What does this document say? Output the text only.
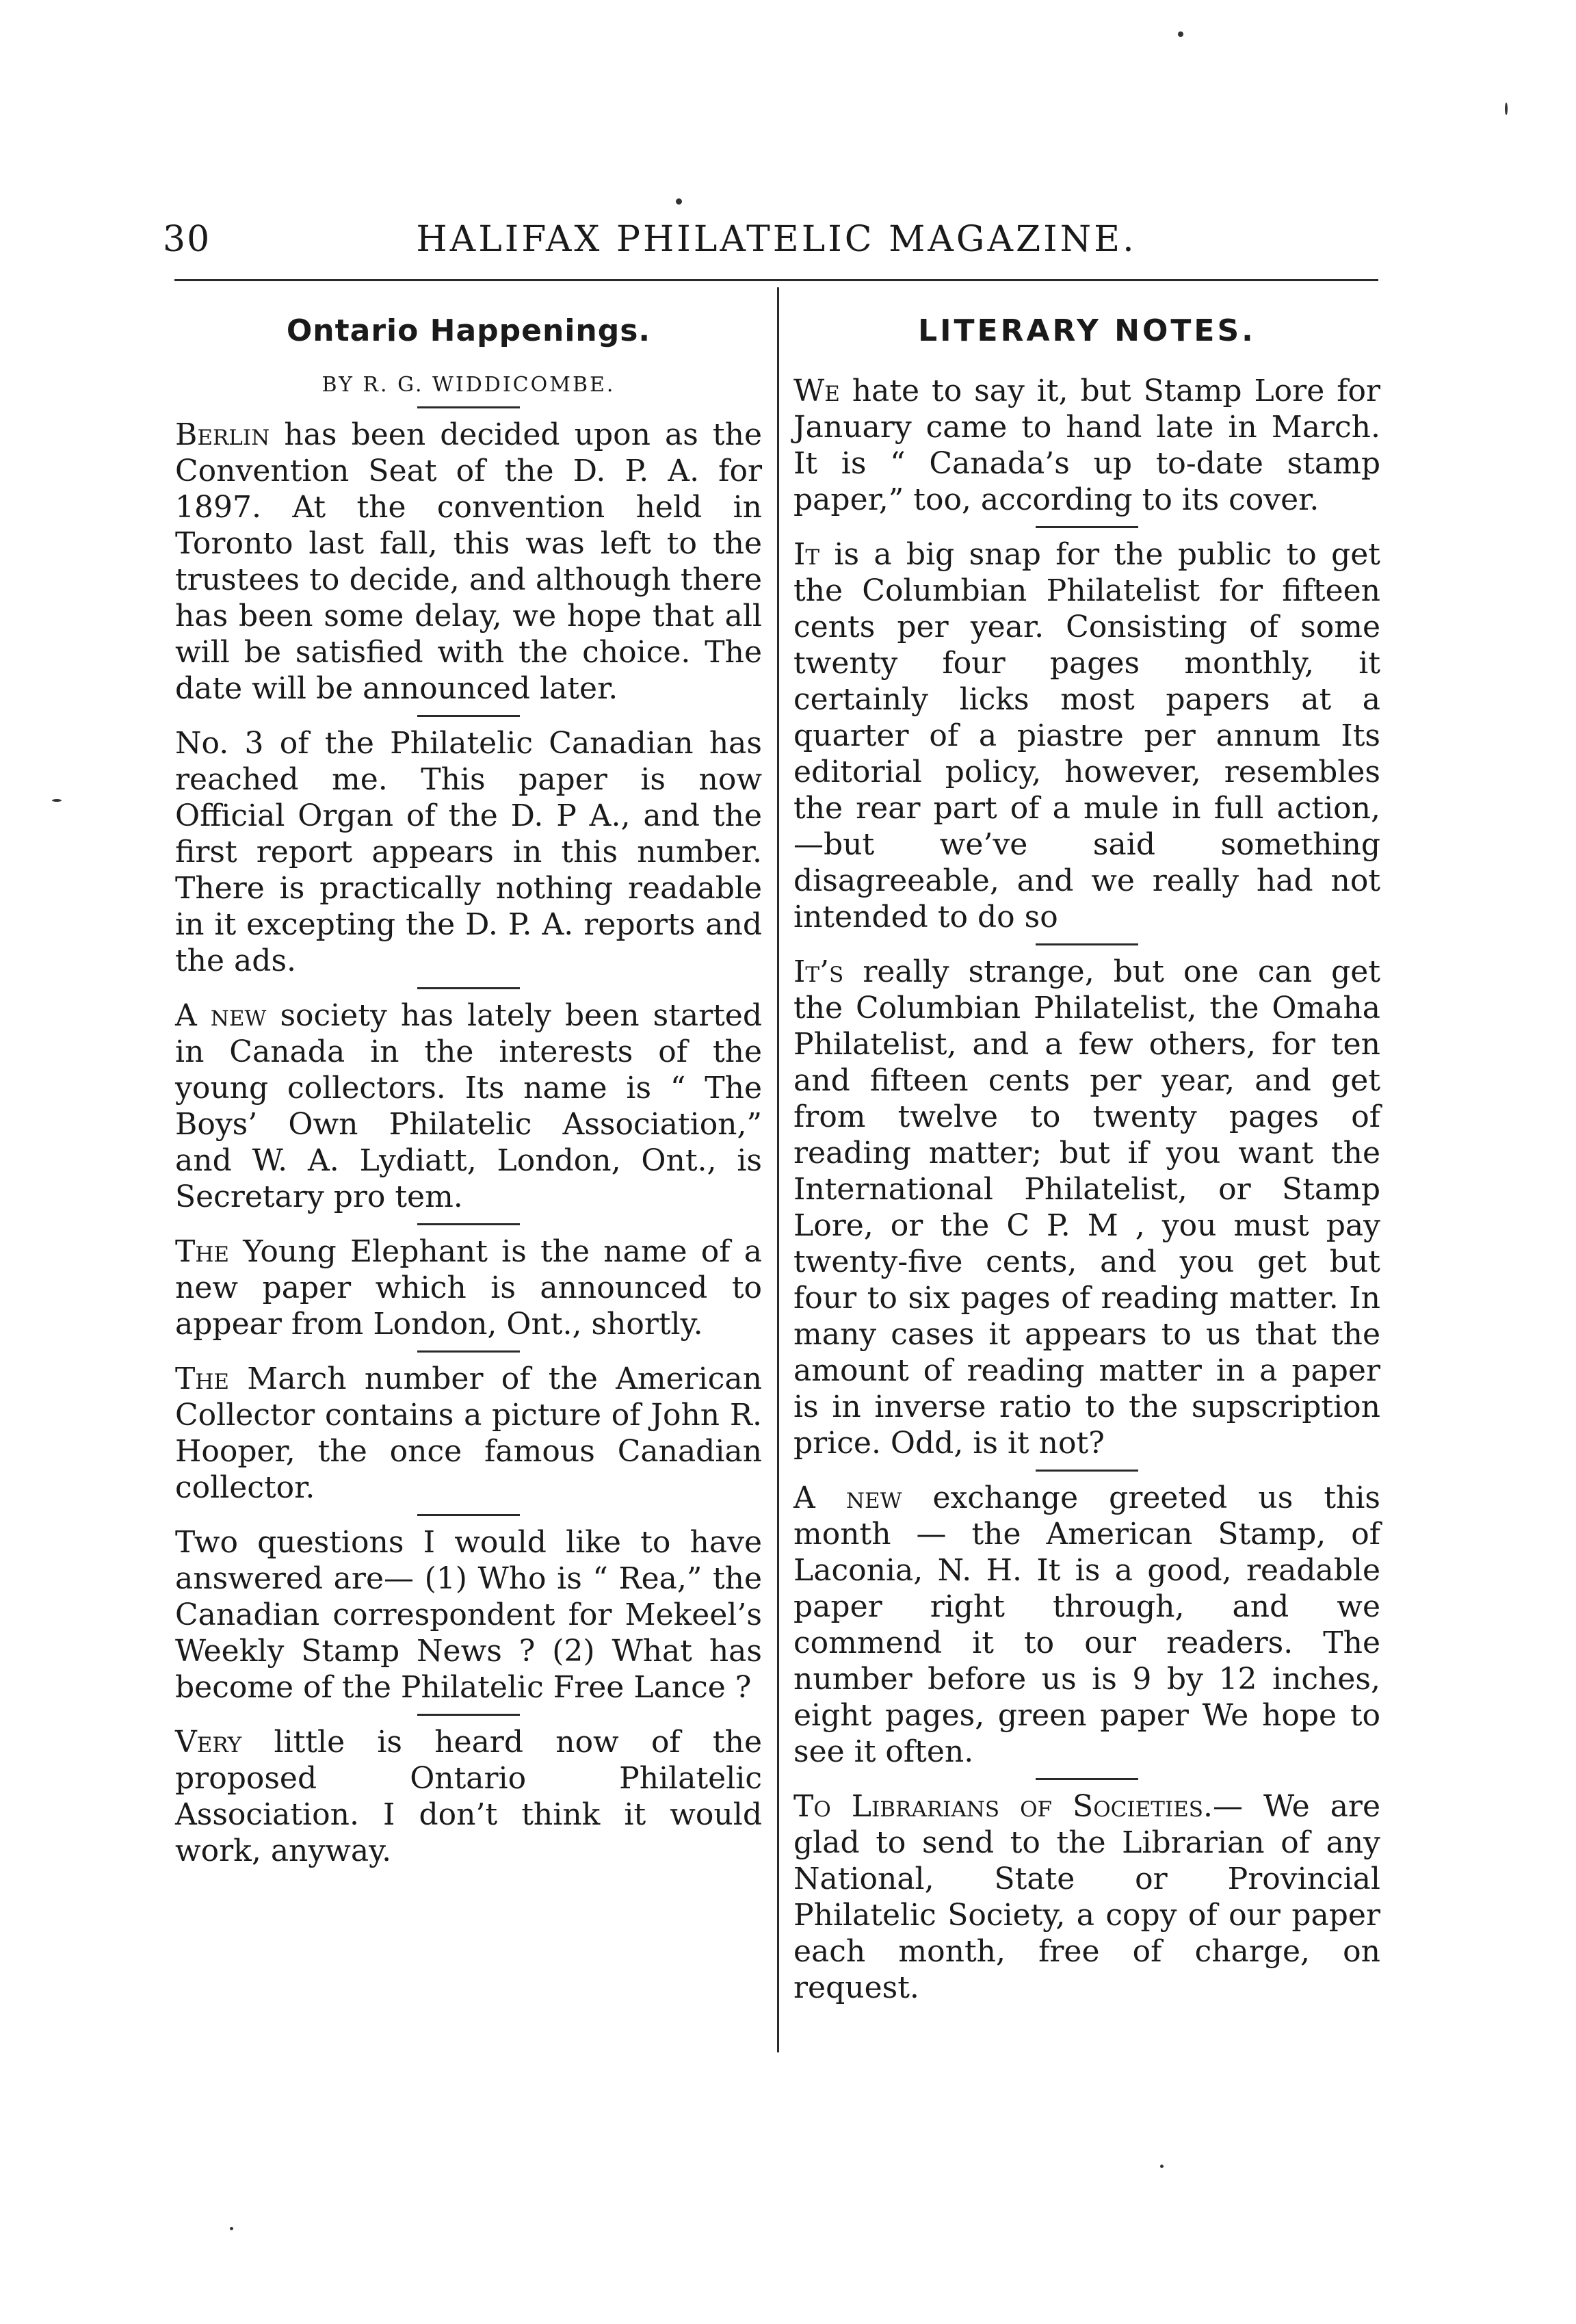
30	HALIFAX PHILATELIC MAGAZINE.
Ontario Happenings.
BY R. G. WIDDICOMBE.

Berlin has been decided upon as the Convention Seat of the D. P. A. for 1897. At the convention held in Toronto last fall, this was left to the trustees to decide, and although there has been some delay, we hope that all will be satisfied with the choice. The date will be announced later.

No. 3 of the Philatelic Canadian has reached me. This paper is now Official Organ of the D. P A., and the first report appears in this number. There is practically nothing readable in it excepting the D. P. A. reports and the ads.

A new society has lately been started in Canada in the interests of the young collectors. Its name is “ The Boys’ Own Philatelic Association,” and W. A. Lydiatt, London, Ont., is Secretary pro tem.

The Young Elephant is the name of a new paper which is announced to appear from London, Ont., shortly.

The March number of the American Collector contains a picture of John R. Hooper, the once famous Canadian collector.

Two questions I would like to have answered are— (1) Who is “ Rea,” the Canadian correspondent for Mekeel’s Weekly Stamp News ? (2) What has become of the Philatelic Free Lance ?

Very little is heard now of the proposed Ontario Philatelic Association. I don’t think it would work, anyway.

LITERARY NOTES.

We hate to say it, but Stamp Lore for January came to hand late in March. It is “ Canada’s up to-date stamp paper,” too, according to its cover.

It is a big snap for the public to get the Columbian Philatelist for fifteen cents per year. Consisting of some twenty four pages monthly, it certainly licks most papers at a quarter of a piastre per annum Its editorial policy, however, resembles the rear part of a mule in full action,—but we’ve said something disagreeable, and we really had not intended to do so

It’s really strange, but one can get the Columbian Philatelist, the Omaha Philatelist, and a few others, for ten and fifteen cents per year, and get from twelve to twenty pages of reading matter; but if you want the International Philatelist, or Stamp Lore, or the C P. M , you must pay twenty-five cents, and you get but four to six pages of reading matter. In many cases it appears to us that the amount of reading matter in a paper is in inverse ratio to the supscription price. Odd, is it not?

A new exchange greeted us this month — the American Stamp, of Laconia, N. H. It is a good, readable paper right through, and we commend it to our readers. The number before us is 9 by 12 inches, eight pages, green paper We hope to see it often.

To Librarians of Societies.— We are glad to send to the Librarian of any National, State or Provincial Philatelic Society, a copy of our paper each month, free of charge, on request.
